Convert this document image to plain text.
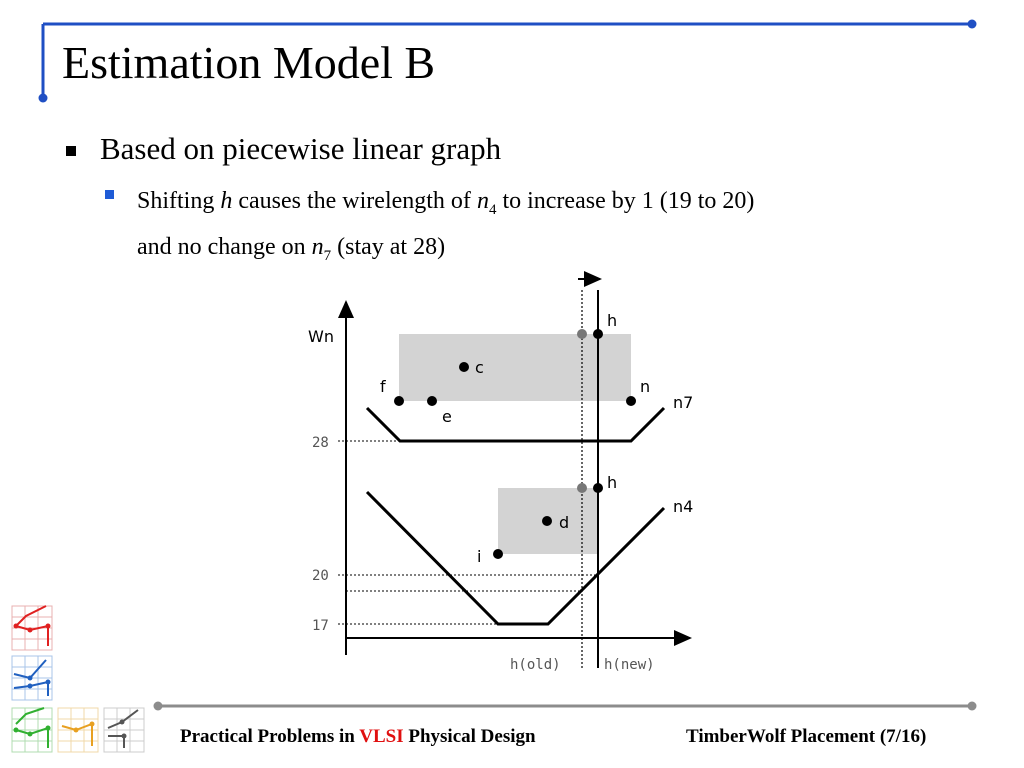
Estimation Model B
Based on piecewise linear graph
Shifting h causes the wirelength of $n_4$ to increase by 1 (19 to 20)
and no change on $n_7$ (stay at 28)
Wn
28
20
17
h
c
f
e
n
n7
h
d
i
n4
h(old)	h(new)
Practical Problems in VLSI Physical Design	TimberWolf Placement (7/16)
